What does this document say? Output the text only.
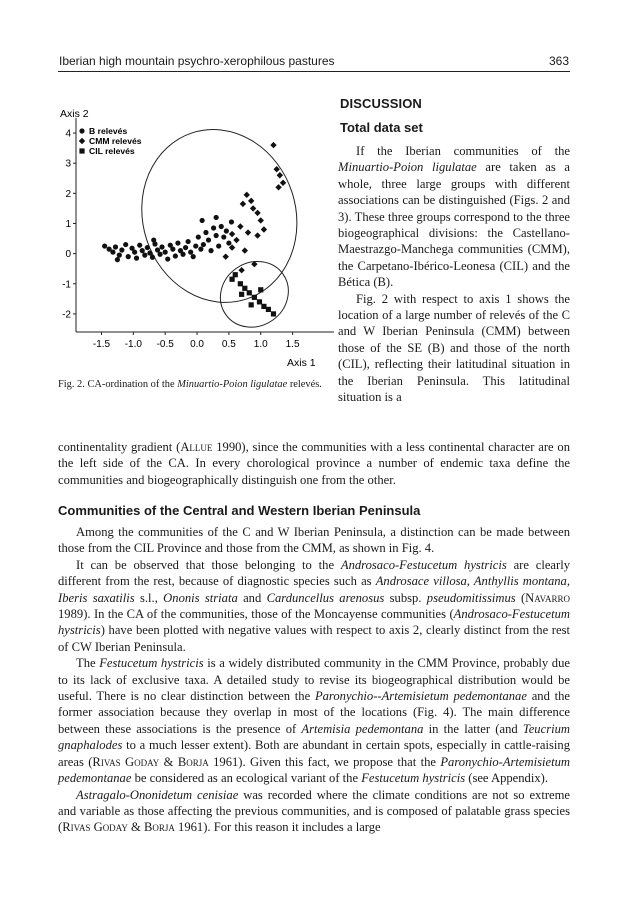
Iberian high mountain psychro-xerophilous pastures	363
4
3
2
1
0
-1
-2
-1.5 -1.0 -0.5 0.0 0.5 1.0 1.5
B relevés
CMM relevés
CIL relevés
Axis 2
Axis 1
Fig. 2. CA-ordination of the Minuartio-Poion ligulatae relevés.
DISCUSSION
Total data set

If the Iberian communities of the Minuartio-Poion ligulatae are taken as a whole, three large groups with different associations can be distinguished (Figs. 2 and 3). These three groups correspond to the three biogeographical divisions: the Castellano-Maestrazgo-Manchega communities (CMM), the Carpetano-Ibérico-Leonesa (CIL) and the Bética (B).

Fig. 2 with respect to axis 1 shows the location of a large number of relevés of the C and W Iberian Peninsula (CMM) between those of the SE (B) and those of the north (CIL), reflecting their latitudinal situation in the Iberian Peninsula. This latitudinal situation is a

continentality gradient (Allue 1990), since the communities with a less continental character are on the left side of the CA. In every chorological province a number of endemic taxa define the communities and biogeographically distinguish one from the other.

Communities of the Central and Western Iberian Peninsula

Among the communities of the C and W Iberian Peninsula, a distinction can be made between those from the CIL Province and those from the CMM, as shown in Fig. 4.

It can be observed that those belonging to the Androsaco-Festucetum hystricis are clearly different from the rest, because of diagnostic species such as Androsace villosa, Anthyllis montana, Iberis saxatilis s.l., Ononis striata and Carduncellus arenosus subsp. pseudomitissimus (Navarro 1989). In the CA of the communities, those of the Moncayense communities (Androsaco-Festucetum hystricis) have been plotted with negative values with respect to axis 2, clearly distinct from the rest of CW Iberian Peninsula.

The Festucetum hystricis is a widely distributed community in the CMM Province, probably due to its lack of exclusive taxa. A detailed study to revise its biogeographical distribution would be useful. There is no clear distinction between the Paronychio--Artemisietum pedemontanae and the former association because they overlap in most of the locations (Fig. 4). The main difference between these associations is the presence of Artemisia pedemontana in the latter (and Teucrium gnaphalodes to a much lesser extent). Both are abundant in certain spots, especially in cattle-raising areas (Rivas Goday & Borja 1961). Given this fact, we propose that the Paronychio-Artemisietum pedemontanae be considered as an ecological variant of the Festucetum hystricis (see Appendix).

Astragalo-Ononidetum cenisiae was recorded where the climate conditions are not so extreme and variable as those affecting the previous communities, and is composed of palatable grass species (Rivas Goday & Borja 1961). For this reason it includes a large
